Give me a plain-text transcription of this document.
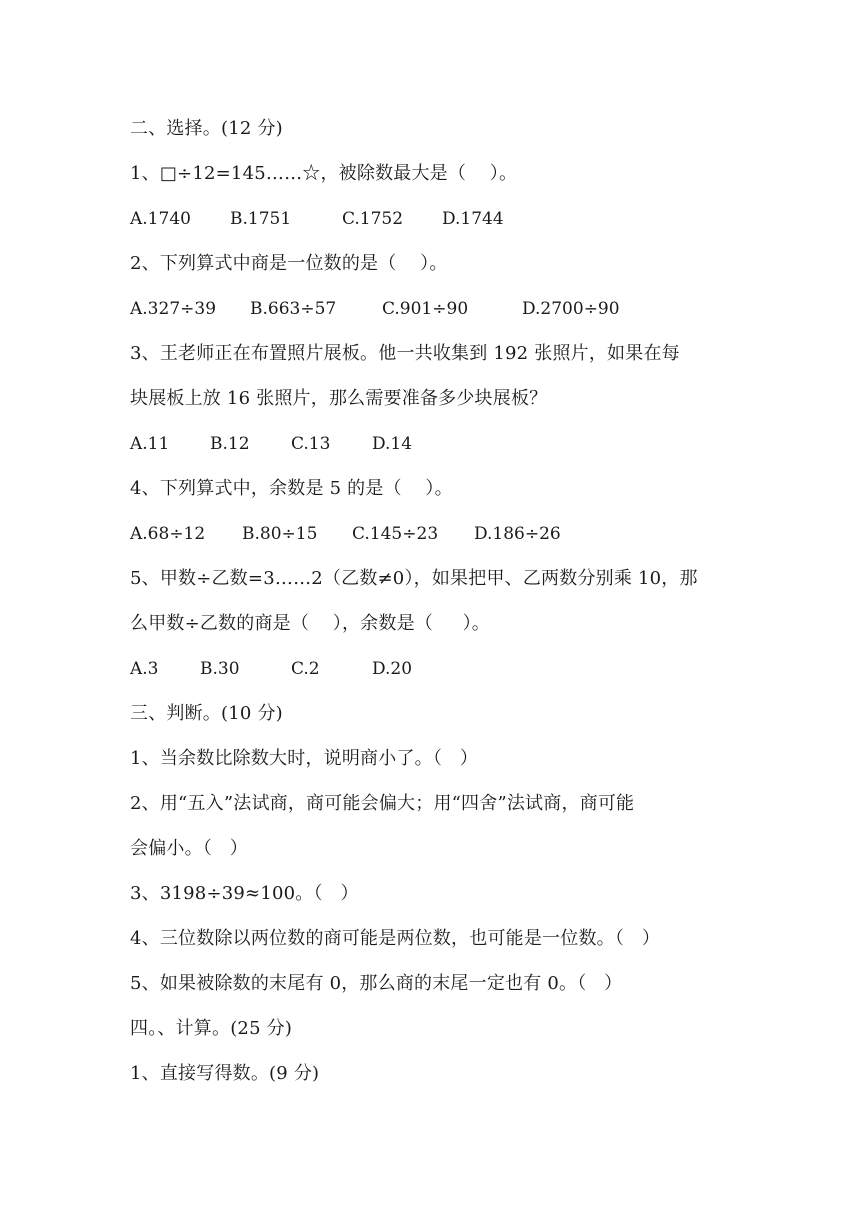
二、选择。(12 分)
1、□÷12=145……☆，被除数最大是（    ）。
A.1740 B.1751	C.1752 D.1744
2、下列算式中商是一位数的是（    ）。
A.327÷39 B.663÷57	C.901÷90	D.2700÷90
3、王老师正在布置照片展板。他一共收集到 192 张照片，如果在每
块展板上放 16 张照片，那么需要准备多少块展板？
A.11 B.12 C.13 D.14
4、下列算式中，余数是 5 的是（    ）。
A.68÷12 B.80÷15 C.145÷23 D.186÷26
5、甲数÷乙数=3……2（乙数≠0），如果把甲、乙两数分别乘 10，那
么甲数÷乙数的商是（    ），余数是（     ）。
A.3 B.30	C.2	D.20
三、判断。(10 分)
1、当余数比除数大时，说明商小了。（   ）
2、用“五入”法试商，商可能会偏大；用“四舍”法试商，商可能
会偏小。（   ）
3、3198÷39≈100。（   ）
4、三位数除以两位数的商可能是两位数，也可能是一位数。（   ）
5、如果被除数的末尾有 0，那么商的末尾一定也有 0。（   ）
四。、计算。(25 分)
1、直接写得数。(9 分)
